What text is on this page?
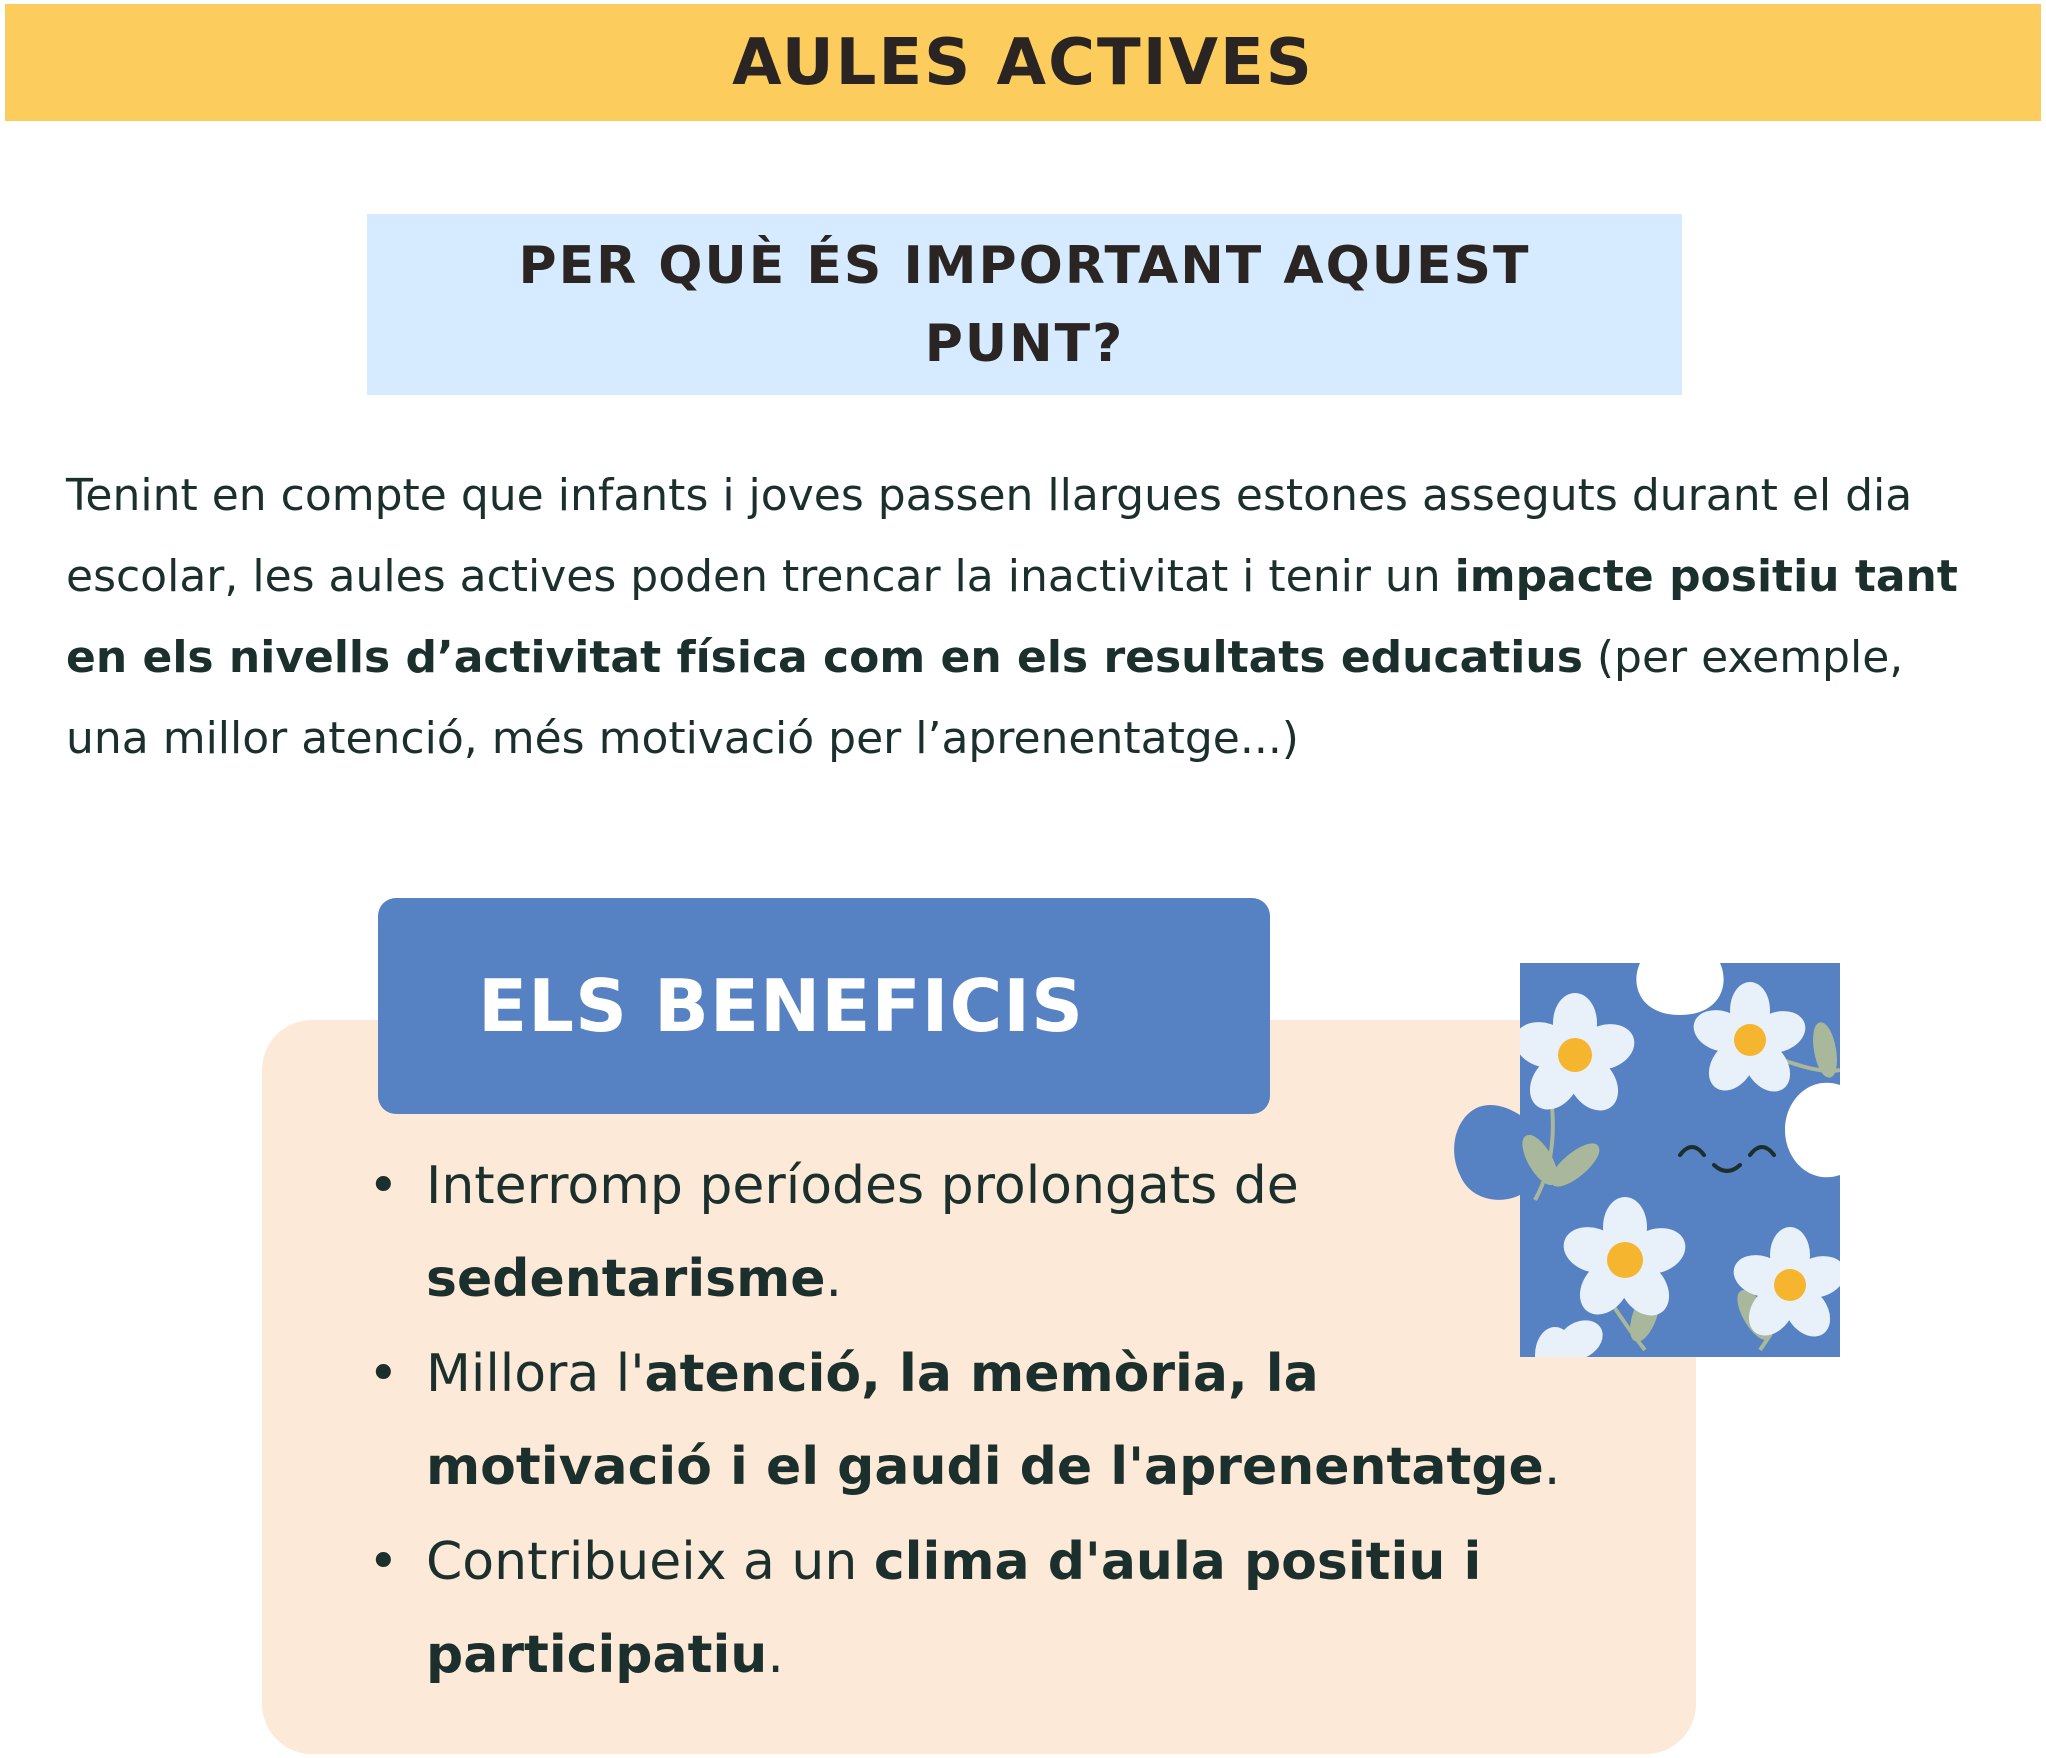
AULES ACTIVES
PER QUÈ ÉS IMPORTANT AQUEST PUNT?

Tenint en compte que infants i joves passen llargues estones asseguts durant el dia escolar, les aules actives poden trencar la inactivitat i tenir un impacte positiu tant en els nivells d’activitat física com en els resultats educatius (per exemple, una millor atenció, més motivació per l’aprenentatge...)

ELS BENEFICIS
• Interromp períodes prolongats de sedentarisme.
• Millora l'atenció, la memòria, la motivació i el gaudi de l'aprenentatge.
• Contribueix a un clima d'aula positiu i participatiu.
